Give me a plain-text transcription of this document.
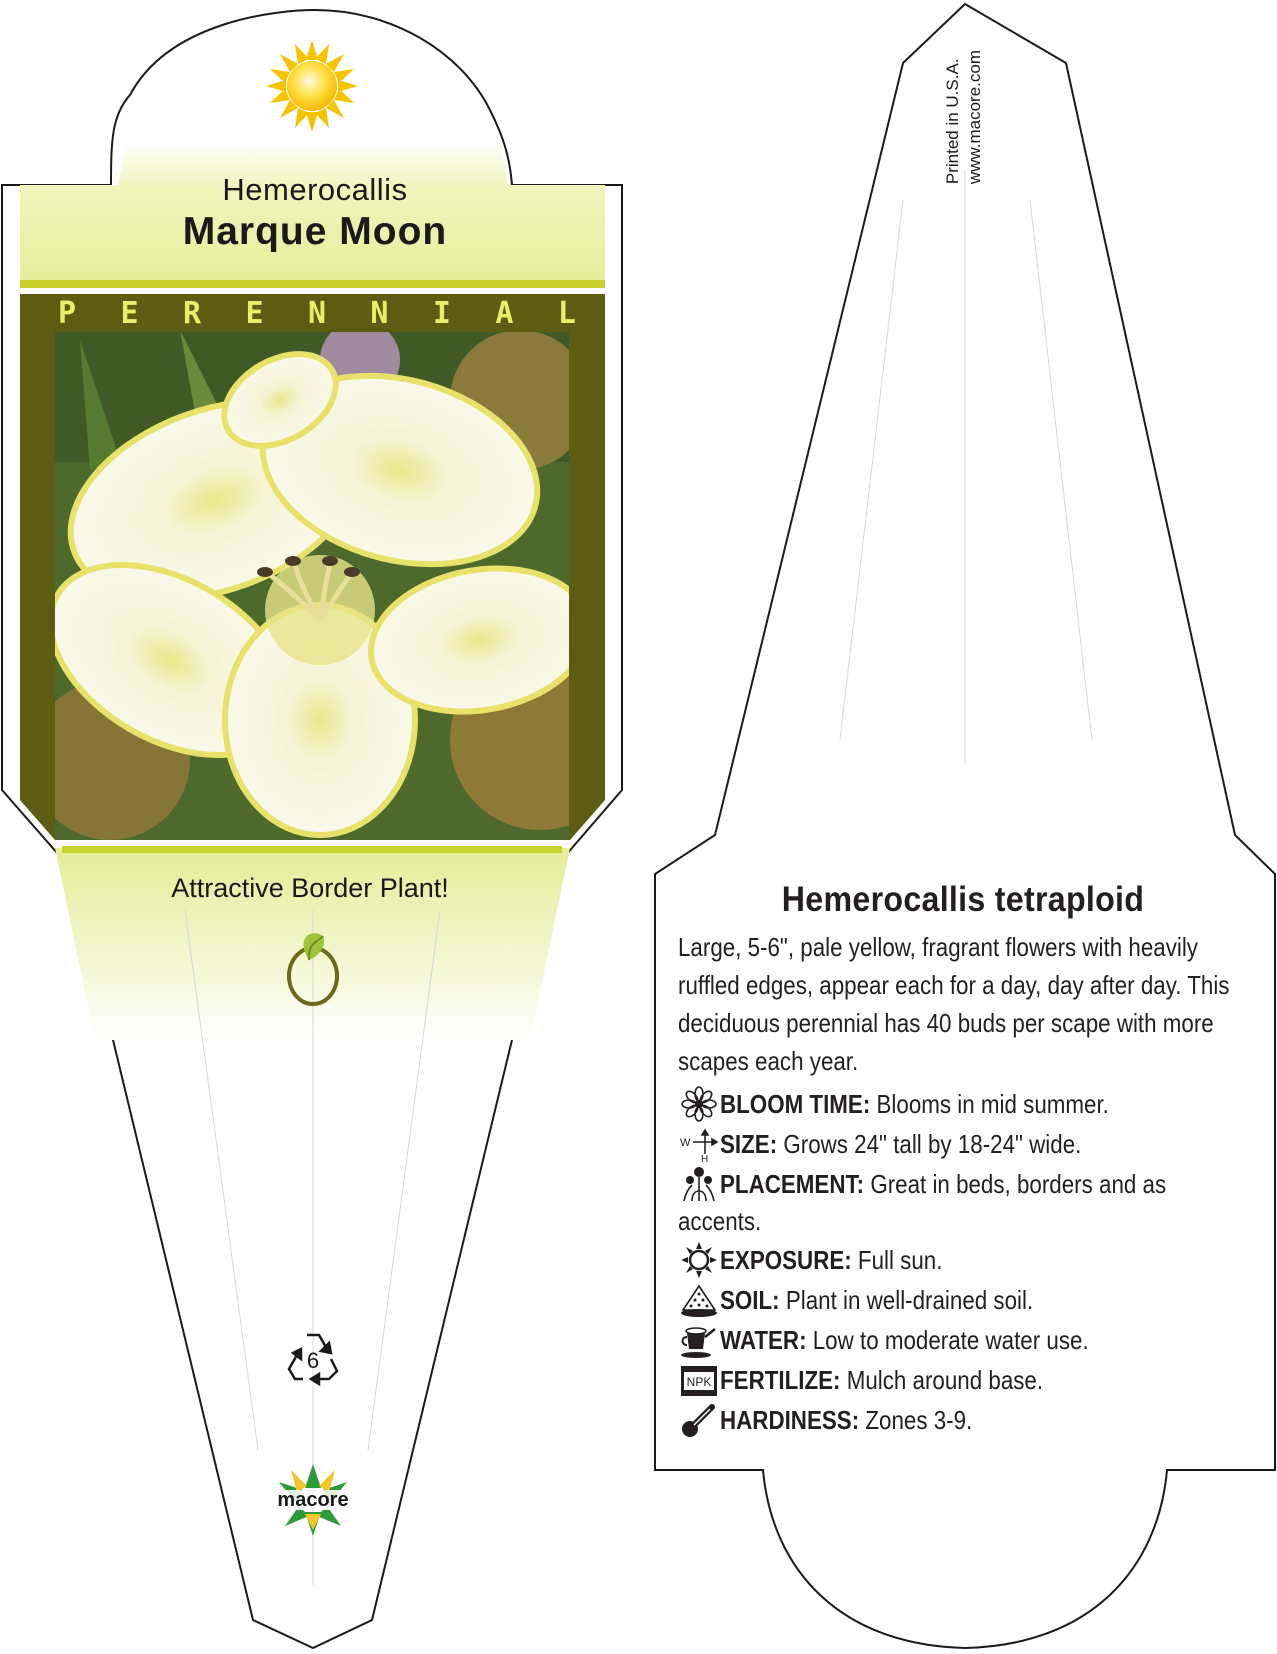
Hemerocallis
Marque Moon
P E R E N N I A L
Attractive Border Plant!
6
macore
Printed in U.S.A. www.macore.com
Hemerocallis tetraploid
Large, 5-6", pale yellow, fragrant flowers with heavily ruffled edges, appear each for a day, day after day. This deciduous perennial has 40 buds per scape with more scapes each year.
BLOOM TIME: Blooms in mid summer.
W
H
SIZE: Grows 24" tall by 18-24" wide.
PLACEMENT: Great in beds, borders and as
accents.
EXPOSURE: Full sun.
SOIL: Plant in well-drained soil.
WATER: Low to moderate water use.
NPK FERTILIZE: Mulch around base.
HARDINESS: Zones 3-9.
